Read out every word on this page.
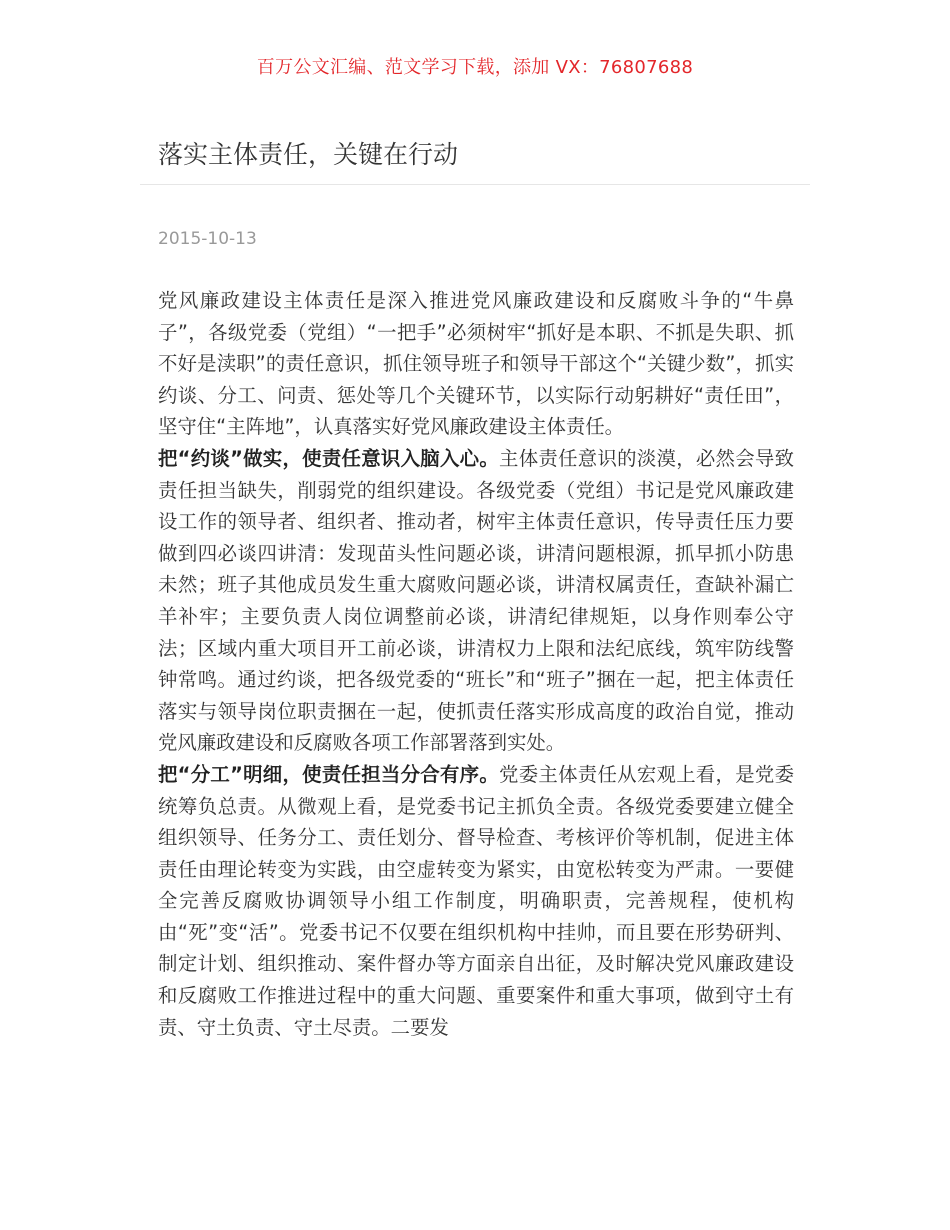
百万公文汇编、范文学习下载，添加 VX：76807688
落实主体责任，关键在行动
2015-10-13

党风廉政建设主体责任是深入推进党风廉政建设和反腐败斗争的“牛鼻子”，各级党委（党组）“一把手”必须树牢“抓好是本职、不抓是失职、抓不好是渎职”的责任意识，抓住领导班子和领导干部这个“关键少数”，抓实约谈、分工、问责、惩处等几个关键环节，以实际行动躬耕好“责任田”，坚守住“主阵地”，认真落实好党风廉政建设主体责任。

把“约谈”做实，使责任意识入脑入心。主体责任意识的淡漠，必然会导致责任担当缺失，削弱党的组织建设。各级党委（党组）书记是党风廉政建设工作的领导者、组织者、推动者，树牢主体责任意识，传导责任压力要做到四必谈四讲清：发现苗头性问题必谈，讲清问题根源，抓早抓小防患未然；班子其他成员发生重大腐败问题必谈，讲清权属责任，查缺补漏亡羊补牢；主要负责人岗位调整前必谈，讲清纪律规矩，以身作则奉公守法；区域内重大项目开工前必谈，讲清权力上限和法纪底线，筑牢防线警钟常鸣。通过约谈，把各级党委的“班长”和“班子”捆在一起，把主体责任落实与领导岗位职责捆在一起，使抓责任落实形成高度的政治自觉，推动党风廉政建设和反腐败各项工作部署落到实处。

把“分工”明细，使责任担当分合有序。党委主体责任从宏观上看，是党委统筹负总责。从微观上看，是党委书记主抓负全责。各级党委要建立健全组织领导、任务分工、责任划分、督导检查、考核评价等机制，促进主体责任由理论转变为实践，由空虚转变为紧实，由宽松转变为严肃。一要健全完善反腐败协调领导小组工作制度，明确职责，完善规程，使机构由“死”变“活”。党委书记不仅要在组织机构中挂帅，而且要在形势研判、制定计划、组织推动、案件督办等方面亲自出征，及时解决党风廉政建设和反腐败工作推进过程中的重大问题、重要案件和重大事项，做到守土有责、守土负责、守土尽责。二要发
